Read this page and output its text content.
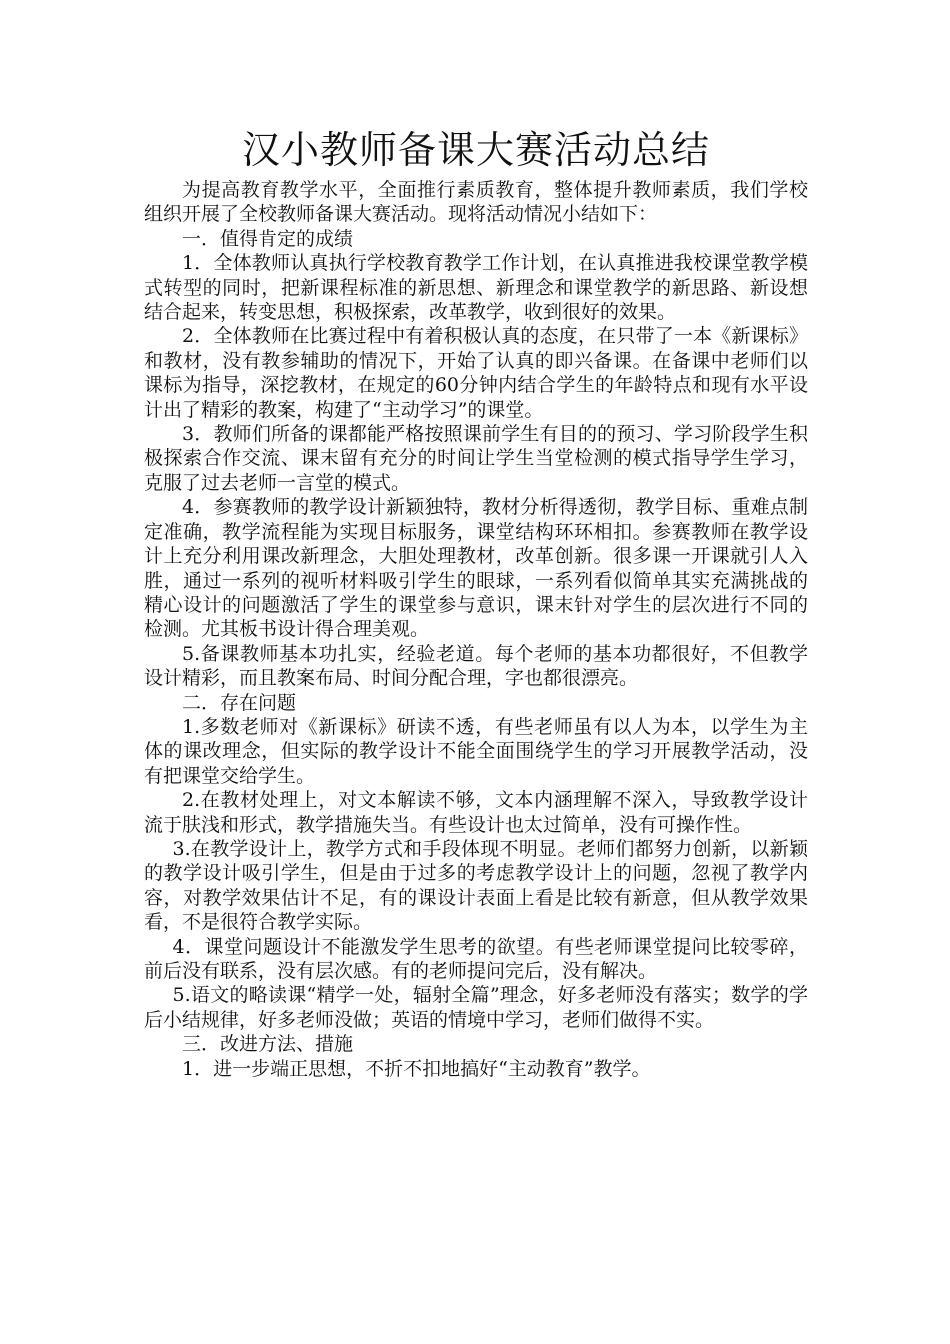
汉小教师备课大赛活动总结

为提高教育教学水平，全面推行素质教育，整体提升教师素质，我们学校组织开展了全校教师备课大赛活动。现将活动情况小结如下：

一．值得肯定的成绩

1．全体教师认真执行学校教育教学工作计划，在认真推进我校课堂教学模式转型的同时，把新课程标准的新思想、新理念和课堂教学的新思路、新设想结合起来，转变思想，积极探索，改革教学，收到很好的效果。

2．全体教师在比赛过程中有着积极认真的态度，在只带了一本《新课标》和教材，没有教参辅助的情况下，开始了认真的即兴备课。在备课中老师们以课标为指导，深挖教材，在规定的60分钟内结合学生的年龄特点和现有水平设计出了精彩的教案，构建了“主动学习”的课堂。

3．教师们所备的课都能严格按照课前学生有目的的预习、学习阶段学生积极探索合作交流、课末留有充分的时间让学生当堂检测的模式指导学生学习，克服了过去老师一言堂的模式。

4．参赛教师的教学设计新颖独特，教材分析得透彻，教学目标、重难点制定准确，教学流程能为实现目标服务，课堂结构环环相扣。参赛教师在教学设计上充分利用课改新理念，大胆处理教材，改革创新。很多课一开课就引人入胜，通过一系列的视听材料吸引学生的眼球，一系列看似简单其实充满挑战的精心设计的问题激活了学生的课堂参与意识，课末针对学生的层次进行不同的检测。尤其板书设计得合理美观。

5.备课教师基本功扎实，经验老道。每个老师的基本功都很好，不但教学设计精彩，而且教案布局、时间分配合理，字也都很漂亮。

二．存在问题

1.多数老师对《新课标》研读不透，有些老师虽有以人为本，以学生为主体的课改理念，但实际的教学设计不能全面围绕学生的学习开展教学活动，没有把课堂交给学生。

2.在教材处理上，对文本解读不够，文本内涵理解不深入，导致教学设计流于肤浅和形式，教学措施失当。有些设计也太过简单，没有可操作性。

3.在教学设计上，教学方式和手段体现不明显。老师们都努力创新，以新颖的教学设计吸引学生，但是由于过多的考虑教学设计上的问题，忽视了教学内容，对教学效果估计不足，有的课设计表面上看是比较有新意，但从教学效果看，不是很符合教学实际。

4．课堂问题设计不能激发学生思考的欲望。有些老师课堂提问比较零碎，前后没有联系，没有层次感。有的老师提问完后，没有解决。

5.语文的略读课“精学一处，辐射全篇”理念，好多老师没有落实；数学的学后小结规律，好多老师没做；英语的情境中学习，老师们做得不实。

三．改进方法、措施

1．进一步端正思想，不折不扣地搞好“主动教育”教学。
